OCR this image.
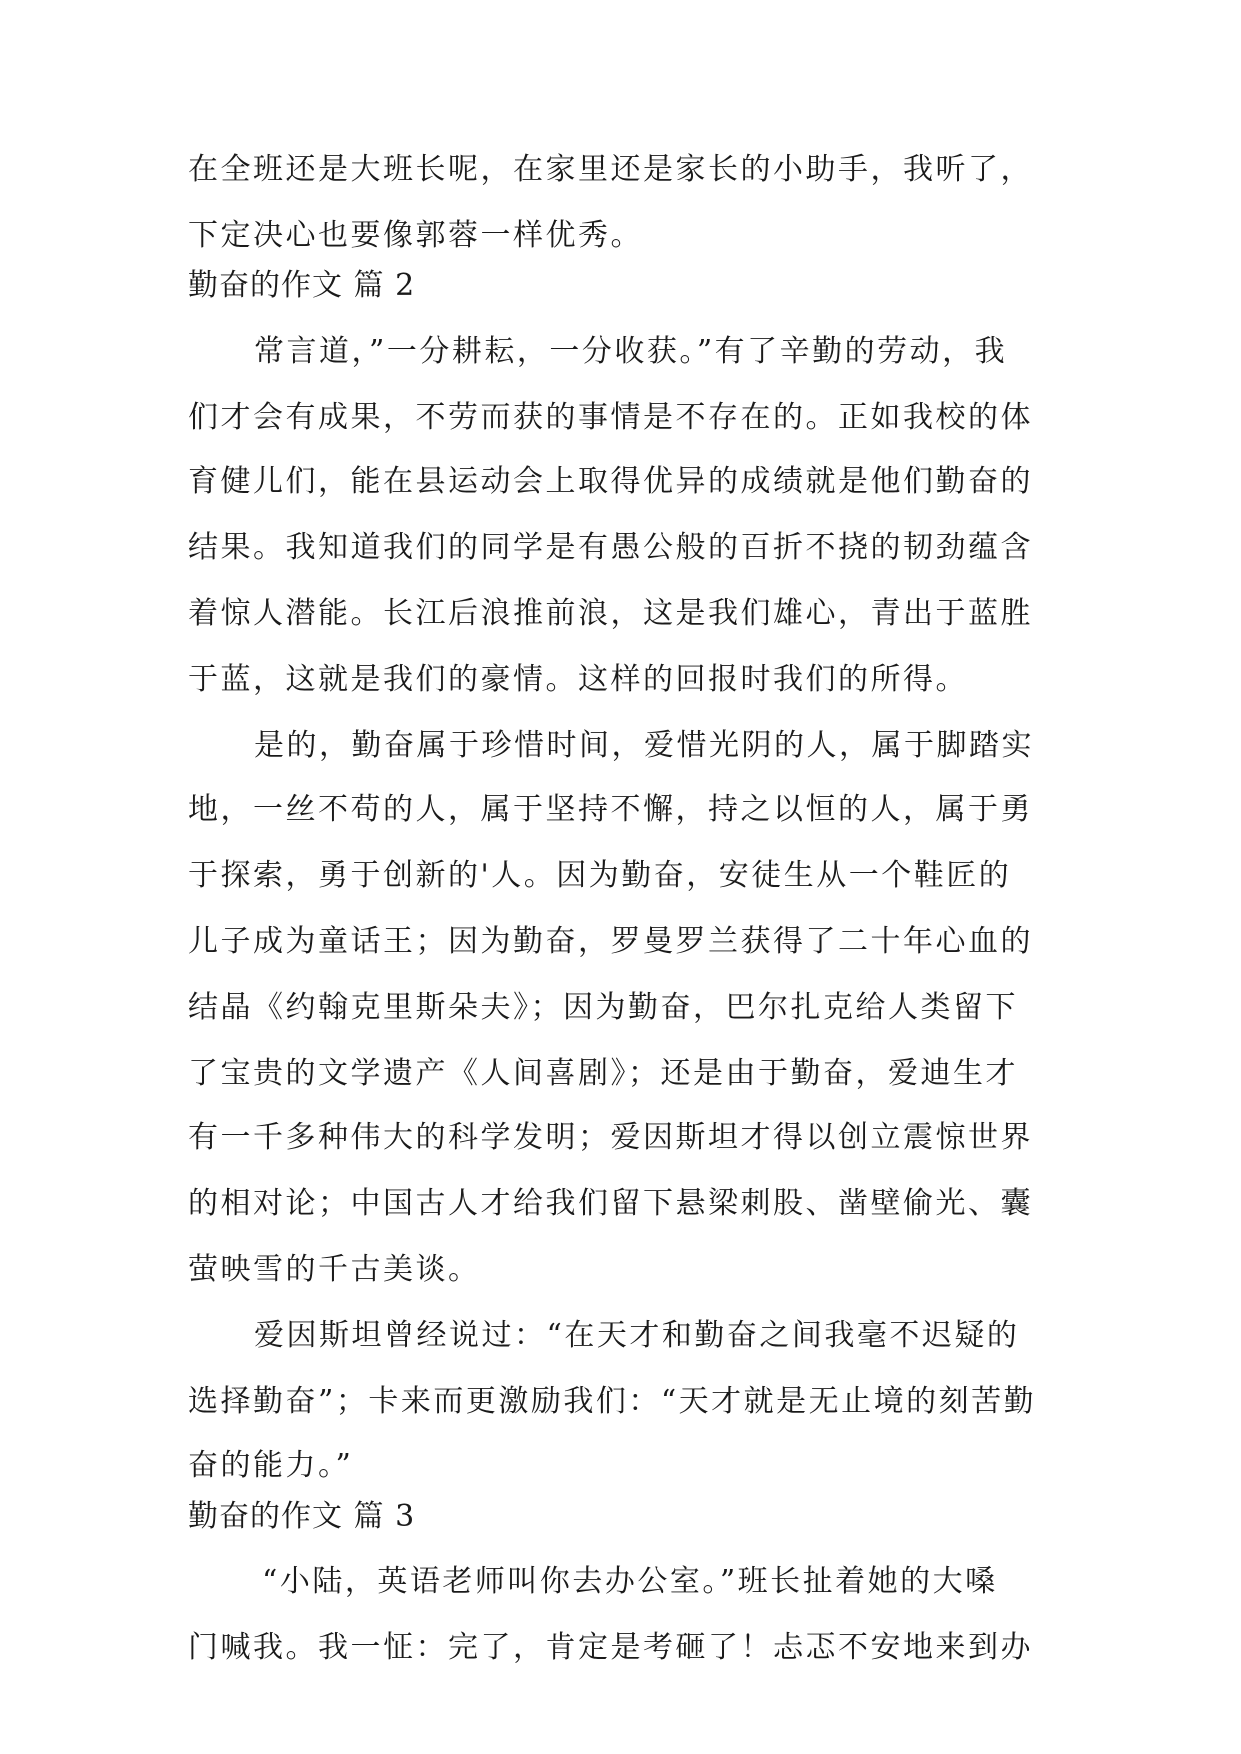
在全班还是大班长呢，在家里还是家长的小助手，我听了，
下定决心也要像郭蓉一样优秀。
勤奋的作文 篇 2
常言道，”一分耕耘，一分收获。”有了辛勤的劳动，我
们才会有成果，不劳而获的事情是不存在的。正如我校的体
育健儿们，能在县运动会上取得优异的成绩就是他们勤奋的
结果。我知道我们的同学是有愚公般的百折不挠的韧劲蕴含
着惊人潜能。长江后浪推前浪，这是我们雄心，青出于蓝胜
于蓝，这就是我们的豪情。这样的回报时我们的所得。
是的，勤奋属于珍惜时间，爱惜光阴的人，属于脚踏实
地，一丝不苟的人，属于坚持不懈，持之以恒的人，属于勇
于探索，勇于创新的'人。因为勤奋，安徒生从一个鞋匠的
儿子成为童话王；因为勤奋，罗曼罗兰获得了二十年心血的
结晶《约翰克里斯朵夫》；因为勤奋，巴尔扎克给人类留下
了宝贵的文学遗产《人间喜剧》；还是由于勤奋，爱迪生才
有一千多种伟大的科学发明；爱因斯坦才得以创立震惊世界
的相对论；中国古人才给我们留下悬梁刺股、凿壁偷光、囊
萤映雪的千古美谈。
爱因斯坦曾经说过：“在天才和勤奋之间我毫不迟疑的
选择勤奋”；卡来而更激励我们：“天才就是无止境的刻苦勤
奋的能力。”
勤奋的作文 篇 3
“小陆，英语老师叫你去办公室。”班长扯着她的大嗓
门喊我。我一怔：完了，肯定是考砸了！忐忑不安地来到办
